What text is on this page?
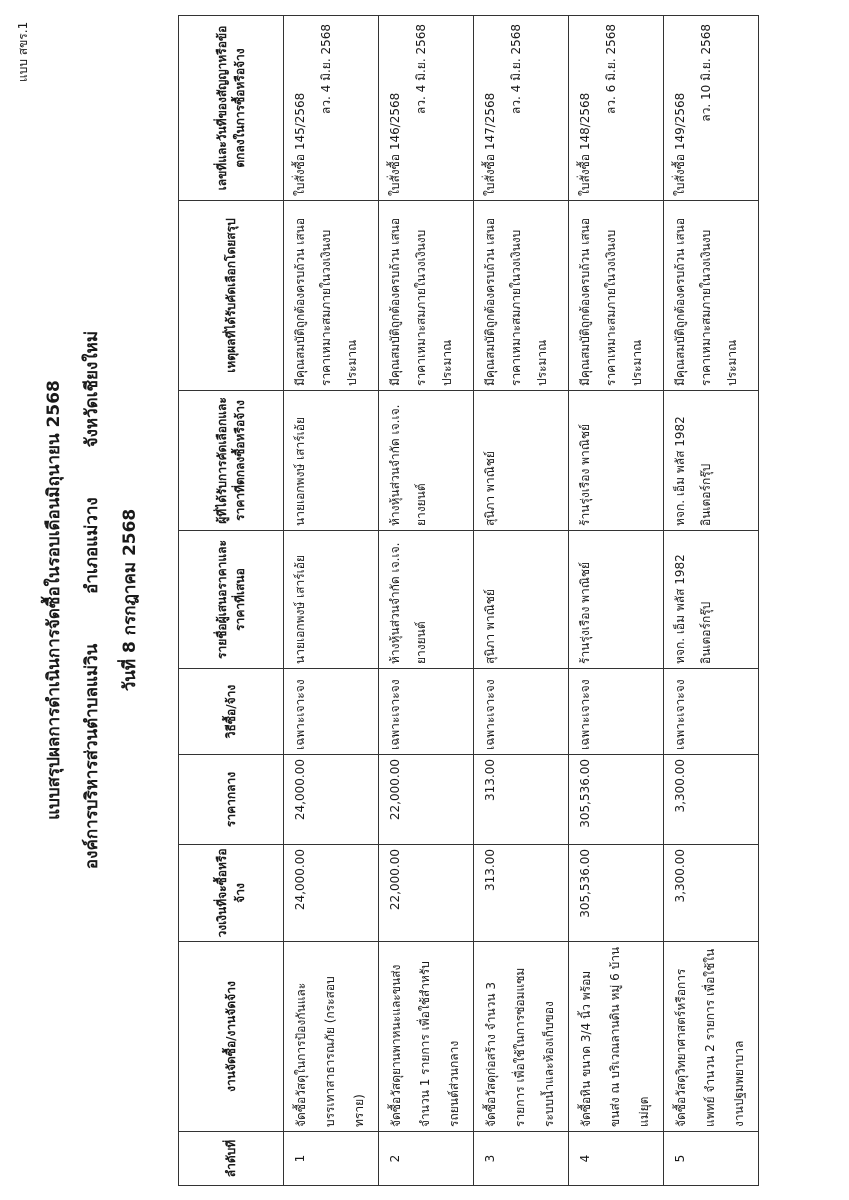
แบบ สขร.1
แบบสรุปผลการดำเนินการจัดซื้อในรอบเดือนมิถุนายน 2568 องค์การบริหารส่วนตำบลแม่วิน อำเภอแม่วาง จังหวัดเชียงใหม่
วันที่ 8 กรกฎาคม 2568
ลำดับที่	งานจัดซื้อ/งานจัดจ้าง	วงเงินที่จะซื้อหรือจ้าง	ราคากลาง	วิธีซื้อ/จ้าง	รายชื่อผู้เสนอราคาและราคาที่เสนอ	ผู้ที่ได้รับการคัดเลือกและราคาที่ตกลงซื้อหรือจ้าง	เหตุผลที่ได้รับคัดเลือกโดยสรุป	เลขที่และวันที่ของสัญญาหรือข้อตกลงในการซื้อหรือจ้าง
1	จัดซื้อวัสดุในการป้องกันและบรรเทาสาธารณภัย (กระสอบทราย)	24,000.00	24,000.00	เฉพาะเจาะจง	นายเอกพงษ์ เสาร์เอ้ย	นายเอกพงษ์ เสาร์เอ้ย	มีคุณสมบัติถูกต้องครบถ้วน เสนอราคาเหมาะสมภายในวงเงินงบประมาณ	ใบสั่งซื้อ 145/2568
ลว. 4 มิ.ย. 2568

2	จัดซื้อวัสดุยานพาหนะและขนส่ง จำนวน 1 รายการ เพื่อใช้สำหรับรถยนต์ส่วนกลาง	22,000.00	22,000.00	เฉพาะเจาะจง	ห้างหุ้นส่วนจำกัด เจ.เจ. ยางยนต์	ห้างหุ้นส่วนจำกัด เจ.เจ. ยางยนต์	มีคุณสมบัติถูกต้องครบถ้วน เสนอราคาเหมาะสมภายในวงเงินงบประมาณ	ใบสั่งซื้อ 146/2568
ลว. 4 มิ.ย. 2568

3	จัดซื้อวัสดุก่อสร้าง จำนวน 3 รายการ เพื่อใช้ในการซ่อมแซมระบบน้ำและห้องเก็บของ	313.00	313.00	เฉพาะเจาะจง	สุนิภา พาณิชย์	สุนิภา พาณิชย์	มีคุณสมบัติถูกต้องครบถ้วน เสนอราคาเหมาะสมภายในวงเงินงบประมาณ	ใบสั่งซื้อ 147/2568
ลว. 4 มิ.ย. 2568

4	จัดซื้อหิน ขนาด 3/4 นิ้ว พร้อมขนส่ง ณ บริเวณลานดิน หมู่ 6 บ้านแม่ยุต	305,536.00	305,536.00	เฉพาะเจาะจง	ร้านรุ่งเรือง พาณิชย์	ร้านรุ่งเรือง พาณิชย์	มีคุณสมบัติถูกต้องครบถ้วน เสนอราคาเหมาะสมภายในวงเงินงบประมาณ	ใบสั่งซื้อ 148/2568
ลว. 6 มิ.ย. 2568

5	จัดซื้อวัสดุวิทยาศาสตร์หรือการแพทย์ จำนวน 2 รายการ เพื่อใช้ในงานปฐมพยาบาล	3,300.00	3,300.00	เฉพาะเจาะจง	หจก. เอ็ม พลัส 1982 อินเตอร์กรุ๊ป	หจก. เอ็ม พลัส 1982 อินเตอร์กรุ๊ป	มีคุณสมบัติถูกต้องครบถ้วน เสนอราคาเหมาะสมภายในวงเงินงบประมาณ	ใบสั่งซื้อ 149/2568
ลว. 10 มิ.ย. 2568
